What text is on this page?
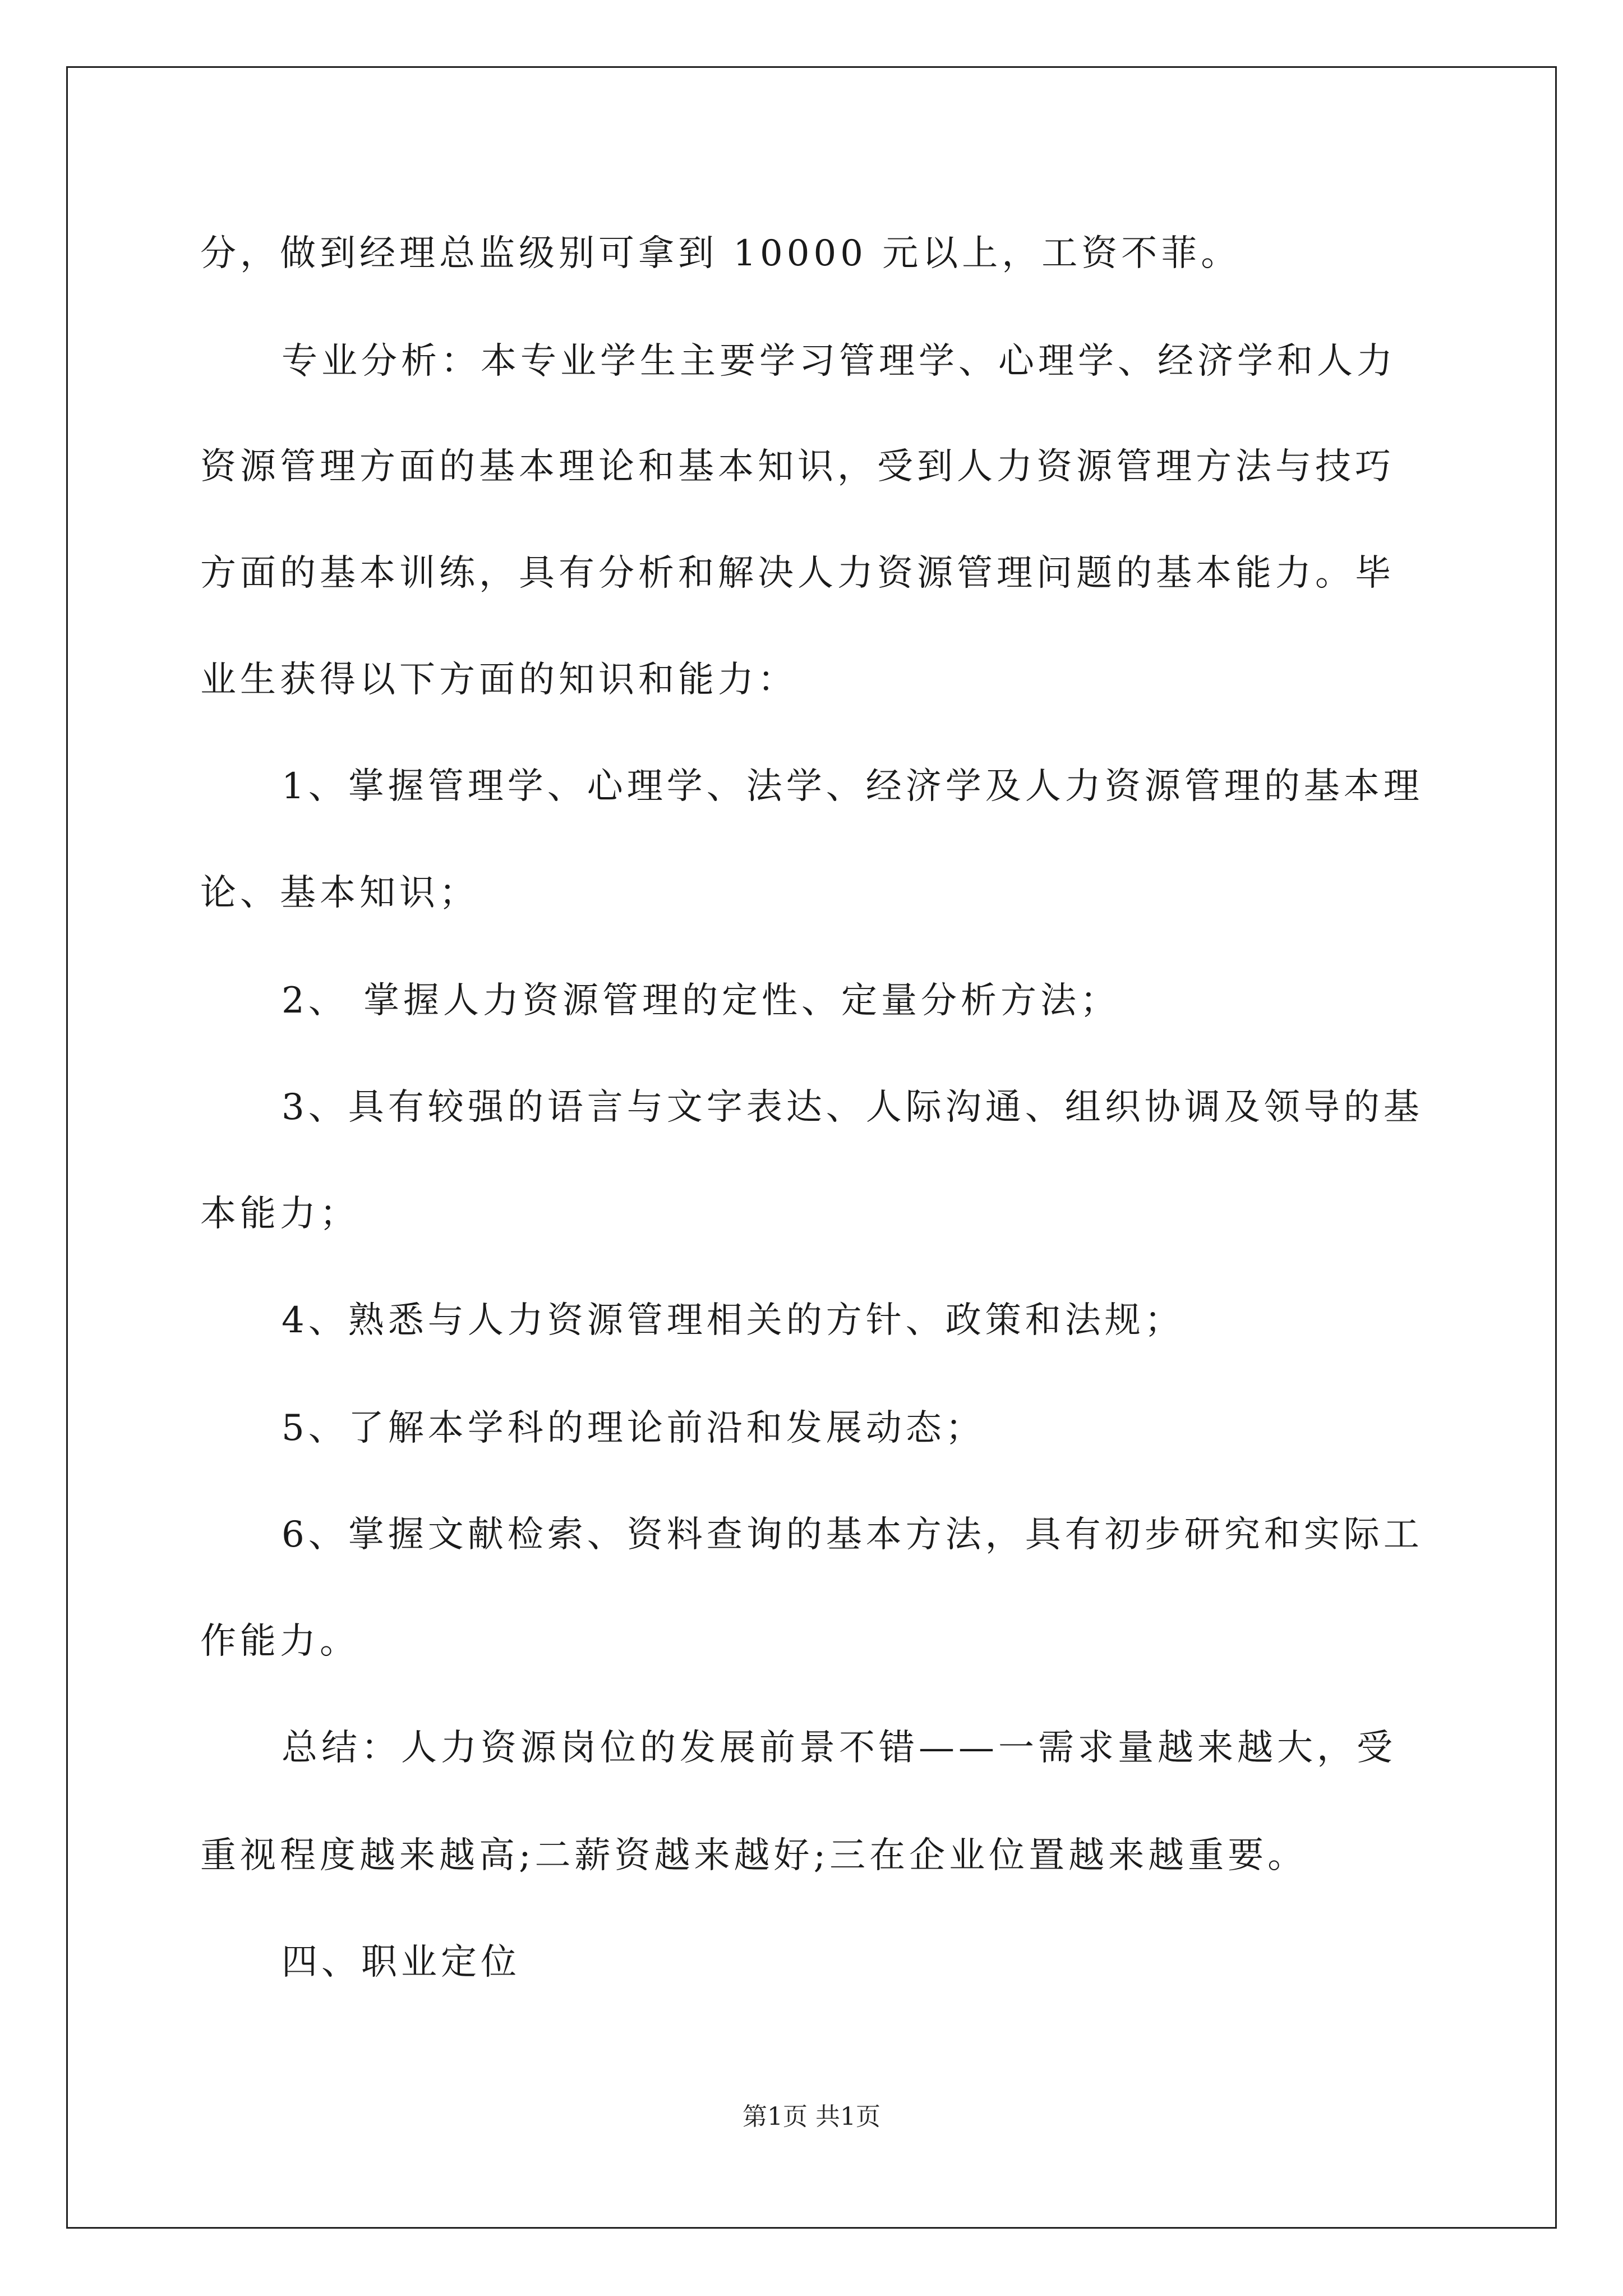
分，做到经理总监级别可拿到 10000 元以上，工资不菲。
专业分析：本专业学生主要学习管理学、心理学、经济学和人力
资源管理方面的基本理论和基本知识，受到人力资源管理方法与技巧
方面的基本训练，具有分析和解决人力资源管理问题的基本能力。毕
业生获得以下方面的知识和能力：
1、掌握管理学、心理学、法学、经济学及人力资源管理的基本理
论、基本知识；
2、 掌握人力资源管理的定性、定量分析方法；
3、具有较强的语言与文字表达、人际沟通、组织协调及领导的基
本能力；
4、熟悉与人力资源管理相关的方针、政策和法规；
5、了解本学科的理论前沿和发展动态；
6、掌握文献检索、资料查询的基本方法，具有初步研究和实际工
作能力。
总结：人力资源岗位的发展前景不错——一需求量越来越大，受
重视程度越来越高;二薪资越来越好;三在企业位置越来越重要。
四、职业定位
第1页 共1页
